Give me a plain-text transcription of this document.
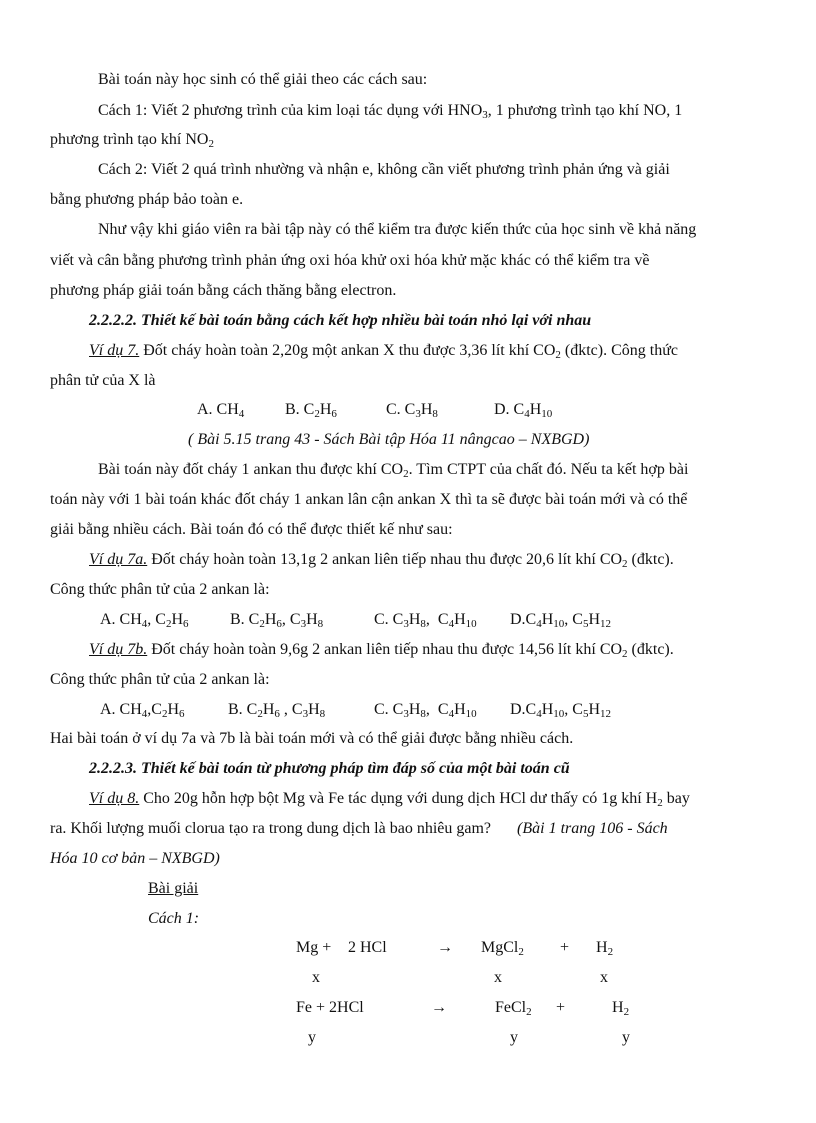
Bài toán này học sinh có thể giải theo các cách sau:
Cách 1: Viết 2 phương trình của kim loại tác dụng với $HNO_3$, 1 phương trình tạo khí NO, 1
phương trình tạo khí $NO_2$
Cách 2: Viết 2 quá trình nhường và nhận e, không cần viết phương trình phản ứng và giải
bằng phương pháp bảo toàn e.
Như vậy khi giáo viên ra bài tập này có thể kiểm tra được kiến thức của học sinh về khả năng
viết và cân bằng phương trình phản ứng oxi hóa khử oxi hóa khử mặc khác có thể kiểm tra về
phương pháp giải toán bằng cách thăng bằng electron.
2.2.2.2. Thiết kế bài toán bằng cách kết hợp nhiều bài toán nhỏ lại với nhau
Ví dụ 7. Đốt cháy hoàn toàn 2,20g một ankan X thu được 3,36 lít khí $CO_2$ (đktc). Công thức
phân tử của X là
A. $CH_4$	B. $C_2H_6$	C. $C_3H_8$	D. $C_4H_{10}$
( Bài 5.15 trang 43 - Sách Bài tập Hóa 11 nângcao – NXBGD)
Bài toán này đốt cháy 1 ankan thu được khí $CO_2$. Tìm CTPT của chất đó. Nếu ta kết hợp bài
toán này với 1 bài toán khác đốt cháy 1 ankan lân cận ankan X thì ta sẽ được bài toán mới và có thể
giải bằng nhiều cách. Bài toán đó có thể được thiết kế như sau:
Ví dụ 7a. Đốt cháy hoàn toàn 13,1g 2 ankan liên tiếp nhau thu được 20,6 lít khí $CO_2$ (đktc).
Công thức phân tử của 2 ankan là:
A. $CH_4$, $C_2H_6$	B. $C_2H_6$, $C_3H_8$	C. $C_3H_8$,  $C_4H_{10}$ $D.C_4H_{10}$, $C_5H_{12}$
Ví dụ 7b. Đốt cháy hoàn toàn 9,6g 2 ankan liên tiếp nhau thu được 14,56 lít khí $CO_2$ (đktc).
Công thức phân tử của 2 ankan là:
A. $CH_4,C_2H_6$	B. $C_2H_6$ , $C_3H_8$	C. $C_3H_8$,  $C_4H_{10}$ $D.C_4H_{10}$, $C_5H_{12}$
Hai bài toán ở ví dụ 7a và 7b là bài toán mới và có thể giải được bằng nhiều cách.
2.2.2.3. Thiết kế bài toán từ phương pháp tìm đáp số của một bài toán cũ
Ví dụ 8. Cho 20g hỗn hợp bột Mg và Fe tác dụng với dung dịch HCl dư thấy có 1g khí $H_2$ bay
ra. Khối lượng muối clorua tạo ra trong dung dịch là bao nhiêu gam? (Bài 1 trang 106 - Sách
Hóa 10 cơ bản – NXBGD)
Bài giải
Cách 1:
Mg + 2 HCl	→ MgCl$_2$ + $H_2$
x	x	x
Fe + 2HCl	→	FeCl$_2$ +	$H_2$
y	y	y
